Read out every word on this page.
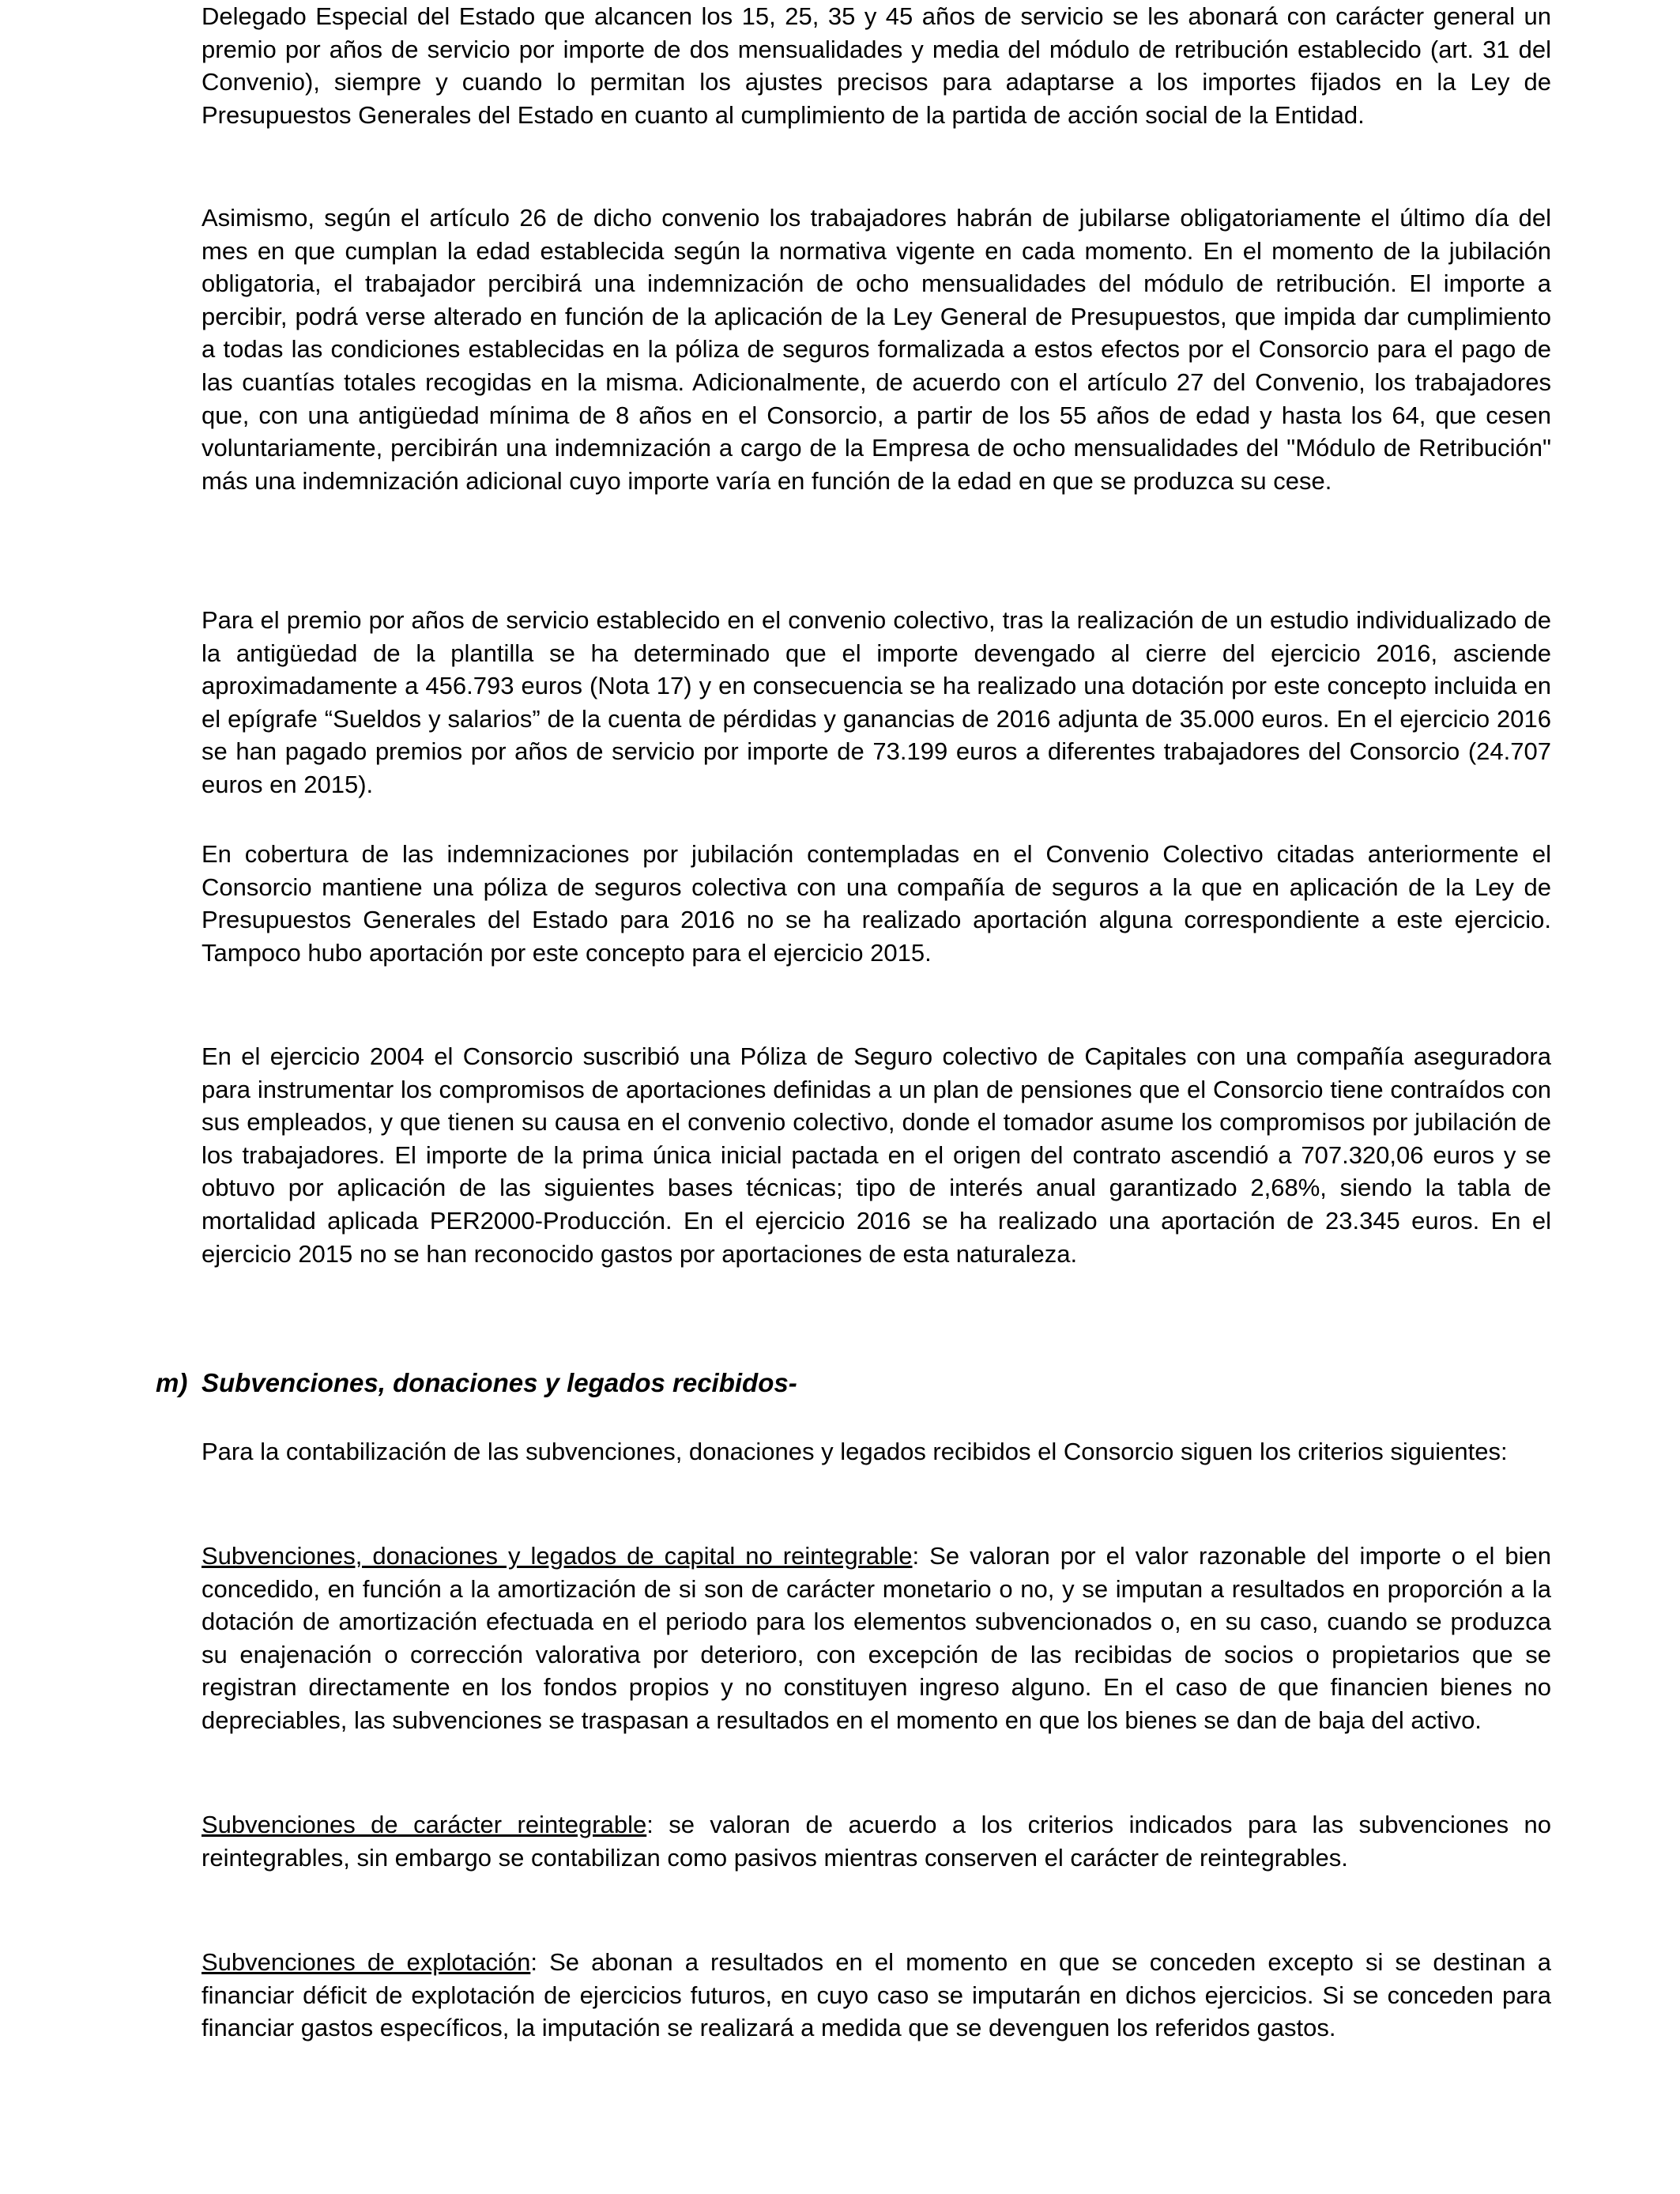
Delegado Especial del Estado que alcancen los 15, 25, 35 y 45 años de servicio se les abonará con carácter general un premio por años de servicio por importe de dos mensualidades y media del módulo de retribución establecido (art. 31 del Convenio), siempre y cuando lo permitan los ajustes precisos para adaptarse a los importes fijados en la Ley de Presupuestos Generales del Estado en cuanto al cumplimiento de la partida de acción social de la Entidad.

Asimismo, según el artículo 26 de dicho convenio los trabajadores habrán de jubilarse obligatoriamente el último día del mes en que cumplan la edad establecida según la normativa vigente en cada momento. En el momento de la jubilación obligatoria, el trabajador percibirá una indemnización de ocho mensualidades del módulo de retribución. El importe a percibir, podrá verse alterado en función de la aplicación de la Ley General de Presupuestos, que impida dar cumplimiento a todas las condiciones establecidas en la póliza de seguros formalizada a estos efectos por el Consorcio para el pago de las cuantías totales recogidas en la misma. Adicionalmente, de acuerdo con el artículo 27 del Convenio, los trabajadores que, con una antigüedad mínima de 8 años en el Consorcio, a partir de los 55 años de edad y hasta los 64, que cesen voluntariamente, percibirán una indemnización a cargo de la Empresa de ocho mensualidades del "Módulo de Retribución" más una indemnización adicional cuyo importe varía en función de la edad en que se produzca su cese.

Para el premio por años de servicio establecido en el convenio colectivo, tras la realización de un estudio individualizado de la antigüedad de la plantilla se ha determinado que el importe devengado al cierre del ejercicio 2016, asciende aproximadamente a 456.793 euros (Nota 17) y en consecuencia se ha realizado una dotación por este concepto incluida en el epígrafe “Sueldos y salarios” de la cuenta de pérdidas y ganancias de 2016 adjunta de 35.000 euros. En el ejercicio 2016 se han pagado premios por años de servicio por importe de 73.199 euros a diferentes trabajadores del Consorcio (24.707 euros en 2015).

En cobertura de las indemnizaciones por jubilación contempladas en el Convenio Colectivo citadas anteriormente el Consorcio mantiene una póliza de seguros colectiva con una compañía de seguros a la que en aplicación de la Ley de Presupuestos Generales del Estado para 2016 no se ha realizado aportación alguna correspondiente a este ejercicio. Tampoco hubo aportación por este concepto para el ejercicio 2015.

En el ejercicio 2004 el Consorcio suscribió una Póliza de Seguro colectivo de Capitales con una compañía aseguradora para instrumentar los compromisos de aportaciones definidas a un plan de pensiones que el Consorcio tiene contraídos con sus empleados, y que tienen su causa en el convenio colectivo, donde el tomador asume los compromisos por jubilación de los trabajadores. El importe de la prima única inicial pactada en el origen del contrato ascendió a 707.320,06 euros y se obtuvo por aplicación de las siguientes bases técnicas; tipo de interés anual garantizado 2,68%, siendo la tabla de mortalidad aplicada PER2000-Producción. En el ejercicio 2016 se ha realizado una aportación de 23.345 euros. En el ejercicio 2015 no se han reconocido gastos por aportaciones de esta naturaleza.

m) Subvenciones, donaciones y legados recibidos-

Para la contabilización de las subvenciones, donaciones y legados recibidos el Consorcio siguen los criterios siguientes:

Subvenciones, donaciones y legados de capital no reintegrable: Se valoran por el valor razonable del importe o el bien concedido, en función a la amortización de si son de carácter monetario o no, y se imputan a resultados en proporción a la dotación de amortización efectuada en el periodo para los elementos subvencionados o, en su caso, cuando se produzca su enajenación o corrección valorativa por deterioro, con excepción de las recibidas de socios o propietarios que se registran directamente en los fondos propios y no constituyen ingreso alguno. En el caso de que financien bienes no depreciables, las subvenciones se traspasan a resultados en el momento en que los bienes se dan de baja del activo.

Subvenciones de carácter reintegrable: se valoran de acuerdo a los criterios indicados para las subvenciones no reintegrables, sin embargo se contabilizan como pasivos mientras conserven el carácter de reintegrables.

Subvenciones de explotación: Se abonan a resultados en el momento en que se conceden excepto si se destinan a financiar déficit de explotación de ejercicios futuros, en cuyo caso se imputarán en dichos ejercicios. Si se conceden para financiar gastos específicos, la imputación se realizará a medida que se devenguen los referidos gastos.
